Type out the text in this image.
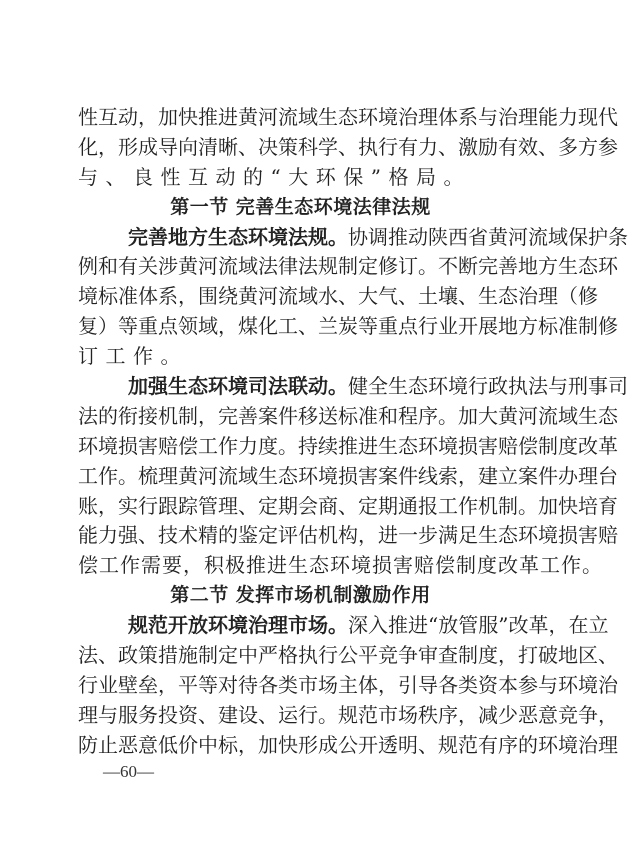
性互动，加快推进黄河流域生态环境治理体系与治理能力现代
化，形成导向清晰、决策科学、执行有力、激励有效、多方参
与、良性互动的“大环保”格局。
第一节 完善生态环境法律法规
完善地方生态环境法规。协调推动陕西省黄河流域保护条
例和有关涉黄河流域法律法规制定修订。不断完善地方生态环
境标准体系，围绕黄河流域水、大气、土壤、生态治理（修
复）等重点领域，煤化工、兰炭等重点行业开展地方标准制修
订工作。
加强生态环境司法联动。健全生态环境行政执法与刑事司
法的衔接机制，完善案件移送标准和程序。加大黄河流域生态
环境损害赔偿工作力度。持续推进生态环境损害赔偿制度改革
工作。梳理黄河流域生态环境损害案件线索，建立案件办理台
账，实行跟踪管理、定期会商、定期通报工作机制。加快培育
能力强、技术精的鉴定评估机构，进一步满足生态环境损害赔
偿工作需要，积极推进生态环境损害赔偿制度改革工作。
第二节 发挥市场机制激励作用
规范开放环境治理市场。深入推进“放管服”改革，在立
法、政策措施制定中严格执行公平竞争审查制度，打破地区、
行业壁垒，平等对待各类市场主体，引导各类资本参与环境治
理与服务投资、建设、运行。规范市场秩序，减少恶意竞争，
防止恶意低价中标，加快形成公开透明、规范有序的环境治理
—60—
